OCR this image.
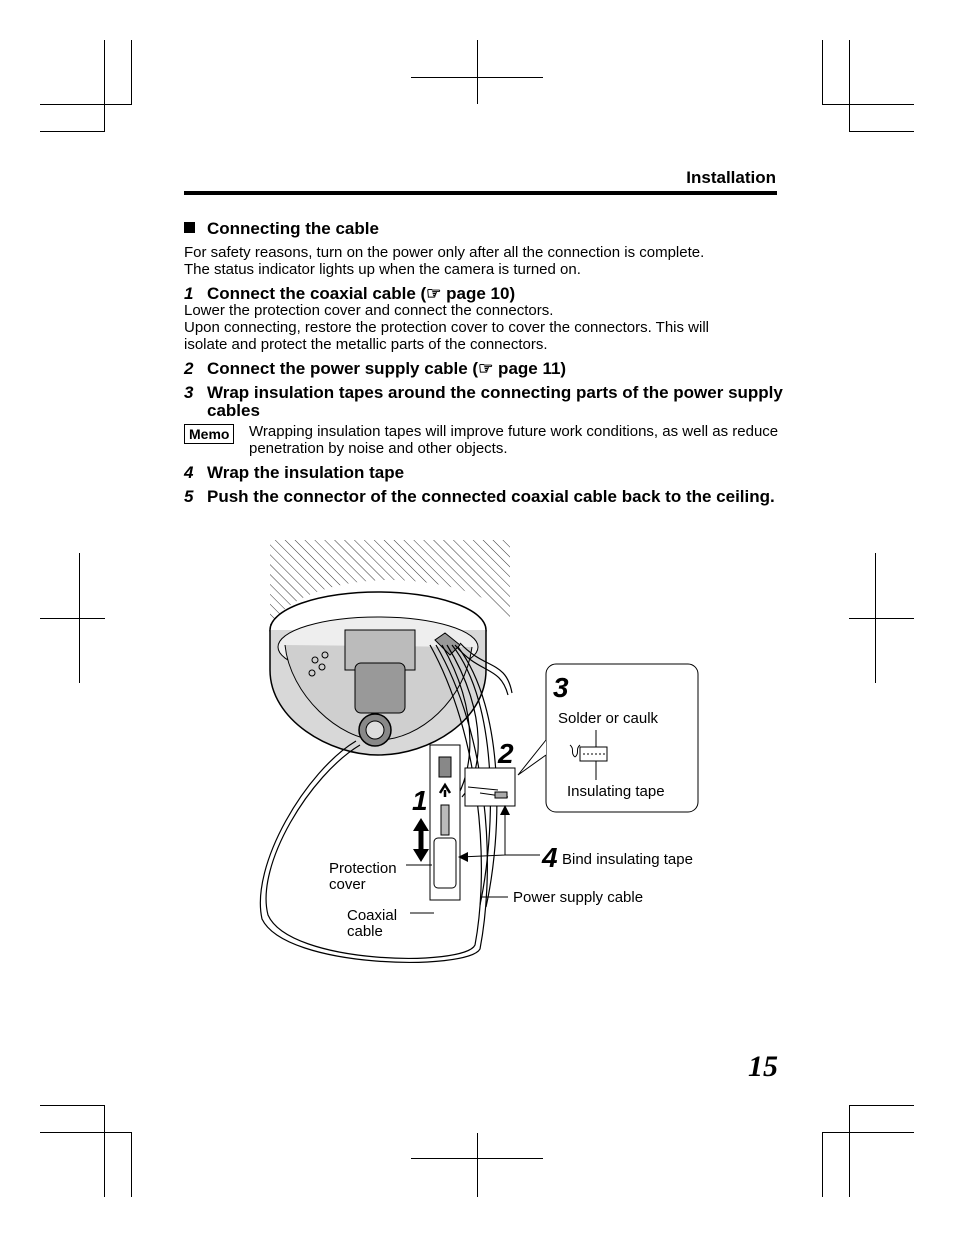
Installation
Connecting the cable
For safety reasons, turn on the power only after all the connection is complete.
The status indicator lights up when the camera is turned on.
1 Connect the coaxial cable (☞ page 10)
Lower the protection cover and connect the connectors.
Upon connecting, restore the protection cover to cover the connectors. This will
isolate and protect the metallic parts of the connectors.
2 Connect the power supply cable (☞ page 11)
3 Wrap insulation tapes around the connecting parts of the power supply cables
Memo	Wrapping insulation tapes will improve future work conditions, as well as reduce penetration by noise and other objects.
4 Wrap the insulation tape
5 Push the connector of the connected coaxial cable back to the ceiling.
1
2
3
4
Solder or caulk
Insulating tape
Bind insulating tape
Protection
cover
Coaxial
cable
Power supply cable
15
